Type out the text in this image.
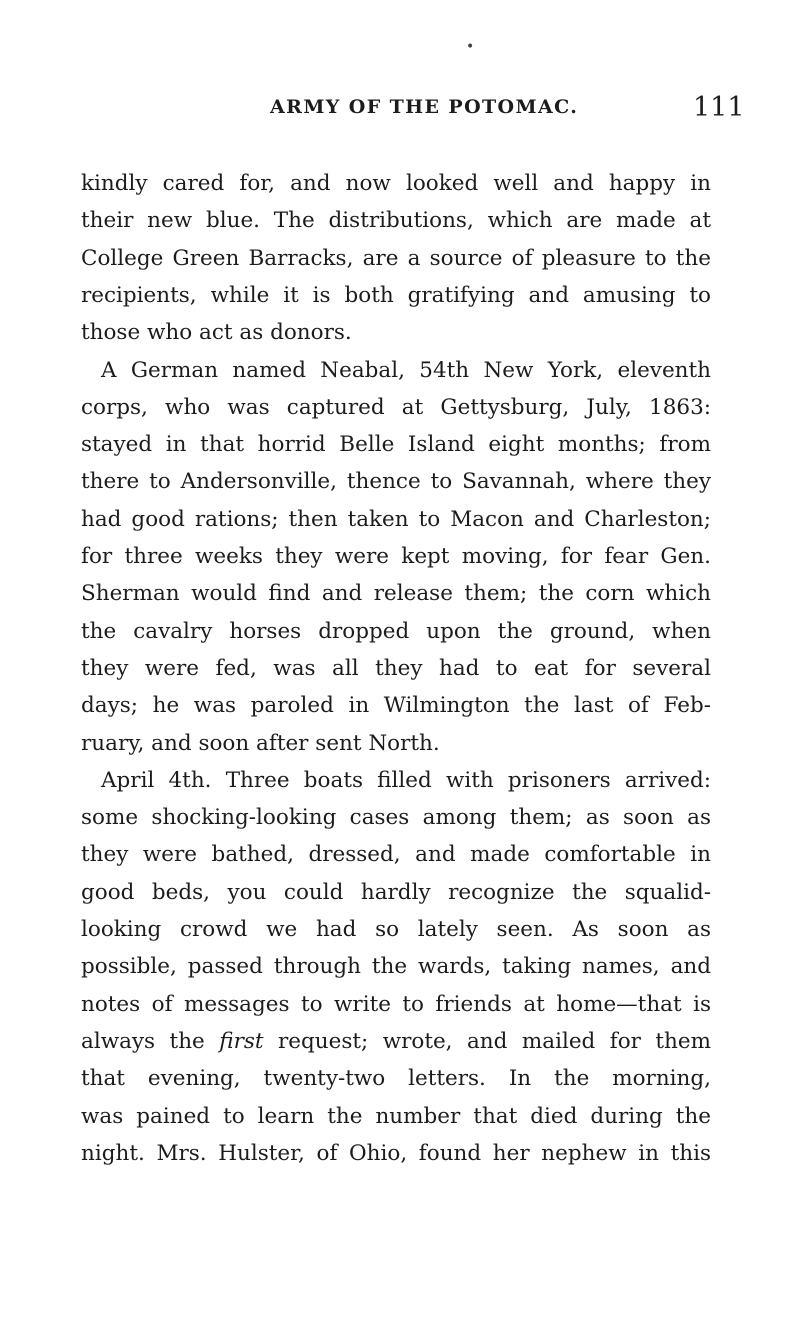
•
ARMY OF THE POTOMAC.	111
kindly cared for, and now looked well and happy in
their new blue. The distributions, which are made at
College Green Barracks, are a source of pleasure to the
recipients, while it is both gratifying and amusing to
those who act as donors.
A German named Neabal, 54th New York, eleventh
corps, who was captured at Gettysburg, July, 1863:
stayed in that horrid Belle Island eight months; from
there to Andersonville, thence to Savannah, where they
had good rations; then taken to Macon and Charleston;
for three weeks they were kept moving, for fear Gen.
Sherman would find and release them; the corn which
the cavalry horses dropped upon the ground, when
they were fed, was all they had to eat for several
days; he was paroled in Wilmington the last of Feb-
ruary, and soon after sent North.
April 4th. Three boats filled with prisoners arrived:
some shocking-looking cases among them; as soon as
they were bathed, dressed, and made comfortable in
good beds, you could hardly recognize the squalid-
looking crowd we had so lately seen. As soon as
possible, passed through the wards, taking names, and
notes of messages to write to friends at home—that is
always the first request; wrote, and mailed for them
that evening, twenty-two letters. In the morning,
was pained to learn the number that died during the
night. Mrs. Hulster, of Ohio, found her nephew in this
